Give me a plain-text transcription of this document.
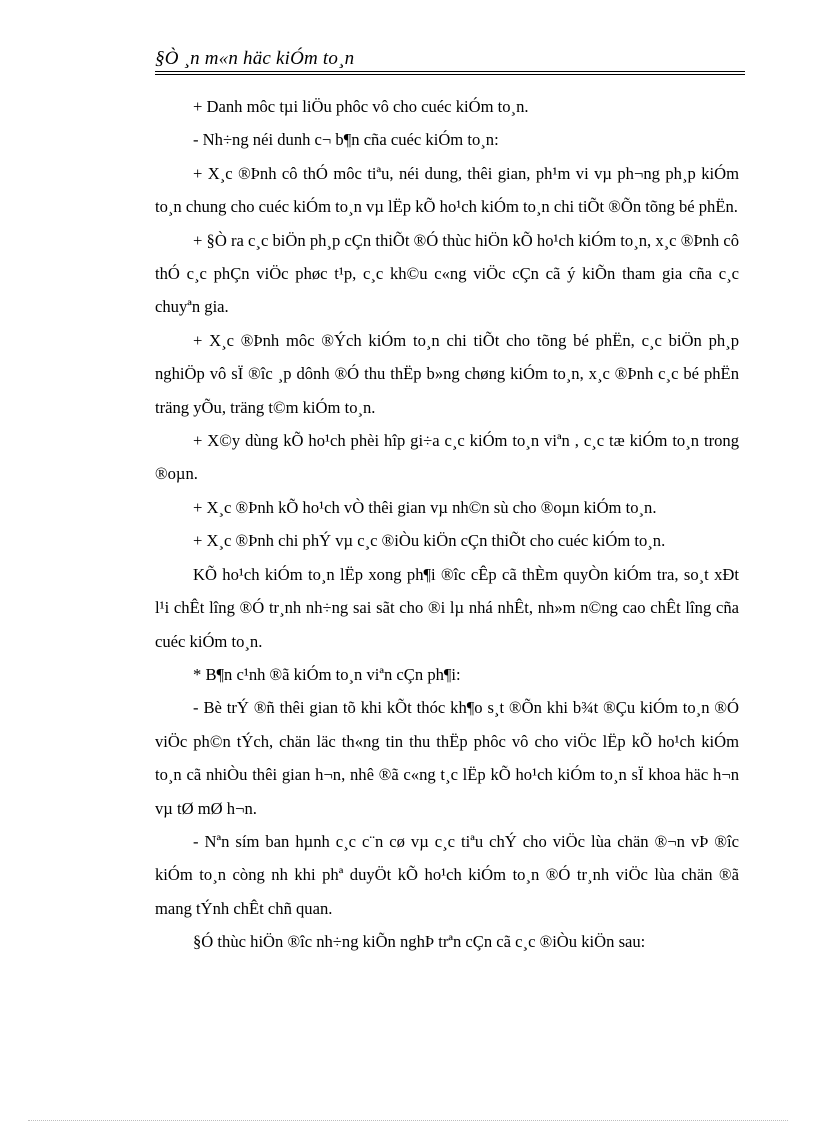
§Ò ¸n m«n häc kiÓm to¸n

+ Danh môc tµi liÖu phôc vô cho cuéc kiÓm to¸n.

- Nh÷ng néi dunh c¬ b¶n cña cuéc kiÓm to¸n:

+ X¸c ®Þnh cô thÓ môc tiªu, néi dung, thêi gian, ph¹m vi vµ ph¬ng ph¸p kiÓm to¸n chung cho cuéc kiÓm to¸n vµ lËp kÕ ho¹ch kiÓm to¸n chi tiÕt ®Õn tõng bé phËn.

+ §Ò ra c¸c biÖn ph¸p cÇn thiÕt ®Ó thùc hiÖn kÕ ho¹ch kiÓm to¸n, x¸c ®Þnh cô thÓ c¸c phÇn viÖc phøc t¹p, c¸c kh©u c«ng viÖc cÇn cã ý kiÕn tham gia cña c¸c chuyªn gia.

+ X¸c ®Þnh môc ®Ých kiÓm to¸n chi tiÕt cho tõng bé phËn, c¸c biÖn ph¸p nghiÖp vô sÏ ®îc ¸p dônh ®Ó thu thËp b»ng chøng kiÓm to¸n, x¸c ®Þnh c¸c bé phËn träng yÕu, träng t©m kiÓm to¸n.

+ X©y dùng kÕ ho¹ch phèi hîp gi÷a c¸c kiÓm to¸n viªn , c¸c tæ kiÓm to¸n trong ®oµn.

+ X¸c ®Þnh kÕ ho¹ch vÒ thêi gian vµ nh©n sù cho ®oµn kiÓm to¸n.

+ X¸c ®Þnh chi phÝ vµ c¸c ®iÒu kiÖn cÇn thiÕt cho cuéc kiÓm to¸n.

KÕ ho¹ch kiÓm to¸n lËp xong ph¶i ®îc cÊp cã thÈm quyÒn kiÓm tra, so¸t xÐt l¹i chÊt lîng ®Ó tr¸nh nh÷ng sai sãt cho ®i lµ nhá nhÊt, nh»m n©ng cao chÊt lîng cña cuéc kiÓm to¸n.

* B¶n c¹nh ®ã kiÓm to¸n viªn cÇn ph¶i:

- Bè trÝ ®ñ thêi gian tõ khi kÕt thóc kh¶o s¸t ®Õn khi b¾t ®Çu kiÓm to¸n ®Ó viÖc ph©n tÝch, chän läc th«ng tin thu thËp phôc vô cho viÖc lËp kÕ ho¹ch kiÓm to¸n cã nhiÒu thêi gian h¬n, nhê ®ã c«ng t¸c lËp kÕ ho¹ch kiÓm to¸n sÏ khoa häc h¬n vµ tØ mØ h¬n.

- Nªn sím ban hµnh c¸c c¨n cø vµ c¸c tiªu chÝ cho viÖc lùa chän ®¬n vÞ ®îc kiÓm to¸n còng nh khi phª duyÖt kÕ ho¹ch kiÓm to¸n ®Ó tr¸nh viÖc lùa chän ®ã mang tÝnh chÊt chñ quan.

§Ó thùc hiÖn ®îc nh÷ng kiÕn nghÞ trªn cÇn cã c¸c ®iÒu kiÖn sau:
